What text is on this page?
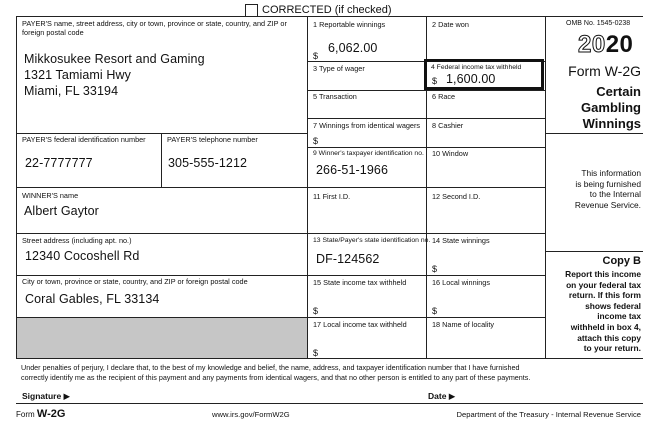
CORRECTED (if checked)
PAYER'S name, street address, city or town, province or state, country, and ZIP or foreign postal code
Mikkosukee Resort and Gaming
1321 Tamiami Hwy
Miami, FL 33194
PAYER'S federal identification number
22-7777777
PAYER'S telephone number
305-555-1212
WINNER'S name
Albert Gaytor
Street address (including apt. no.)
12340 Cocoshell Rd
City or town, province or state, country, and ZIP or foreign postal code
Coral Gables, FL 33134
1 Reportable winnings
6,062.00
$
2 Date won
3 Type of wager	4 Federal income tax withheld
1,600.00
$
5 Transaction	6 Race
7 Winnings from identical wagers
$
8 Cashier
9 Winner's taxpayer identification no.
266-51-1966
10 Window
11 First I.D.	12 Second I.D.
13 State/Payer's state identification no.
DF-124562
14 State winnings
$
15 State income tax withheld
$
16 Local winnings
$
17 Local income tax withheld
$
18 Name of locality
OMB No. 1545-0238
2020
Form W-2G
Certain
Gambling
Winnings
This information
is being furnished
to the Internal
Revenue Service.
Copy B
Report this income
on your federal tax
return. If this form
shows federal
income tax
withheld in box 4,
attach this copy
to your return.
Under penalties of perjury, I declare that, to the best of my knowledge and belief, the name, address, and taxpayer identification number that I have furnished
correctly identify me as the recipient of this payment and any payments from identical wagers, and that no other person is entitled to any part of these payments.
Signature ▶	Date ▶
Form W-2G	www.irs.gov/FormW2G	Department of the Treasury - Internal Revenue Service
